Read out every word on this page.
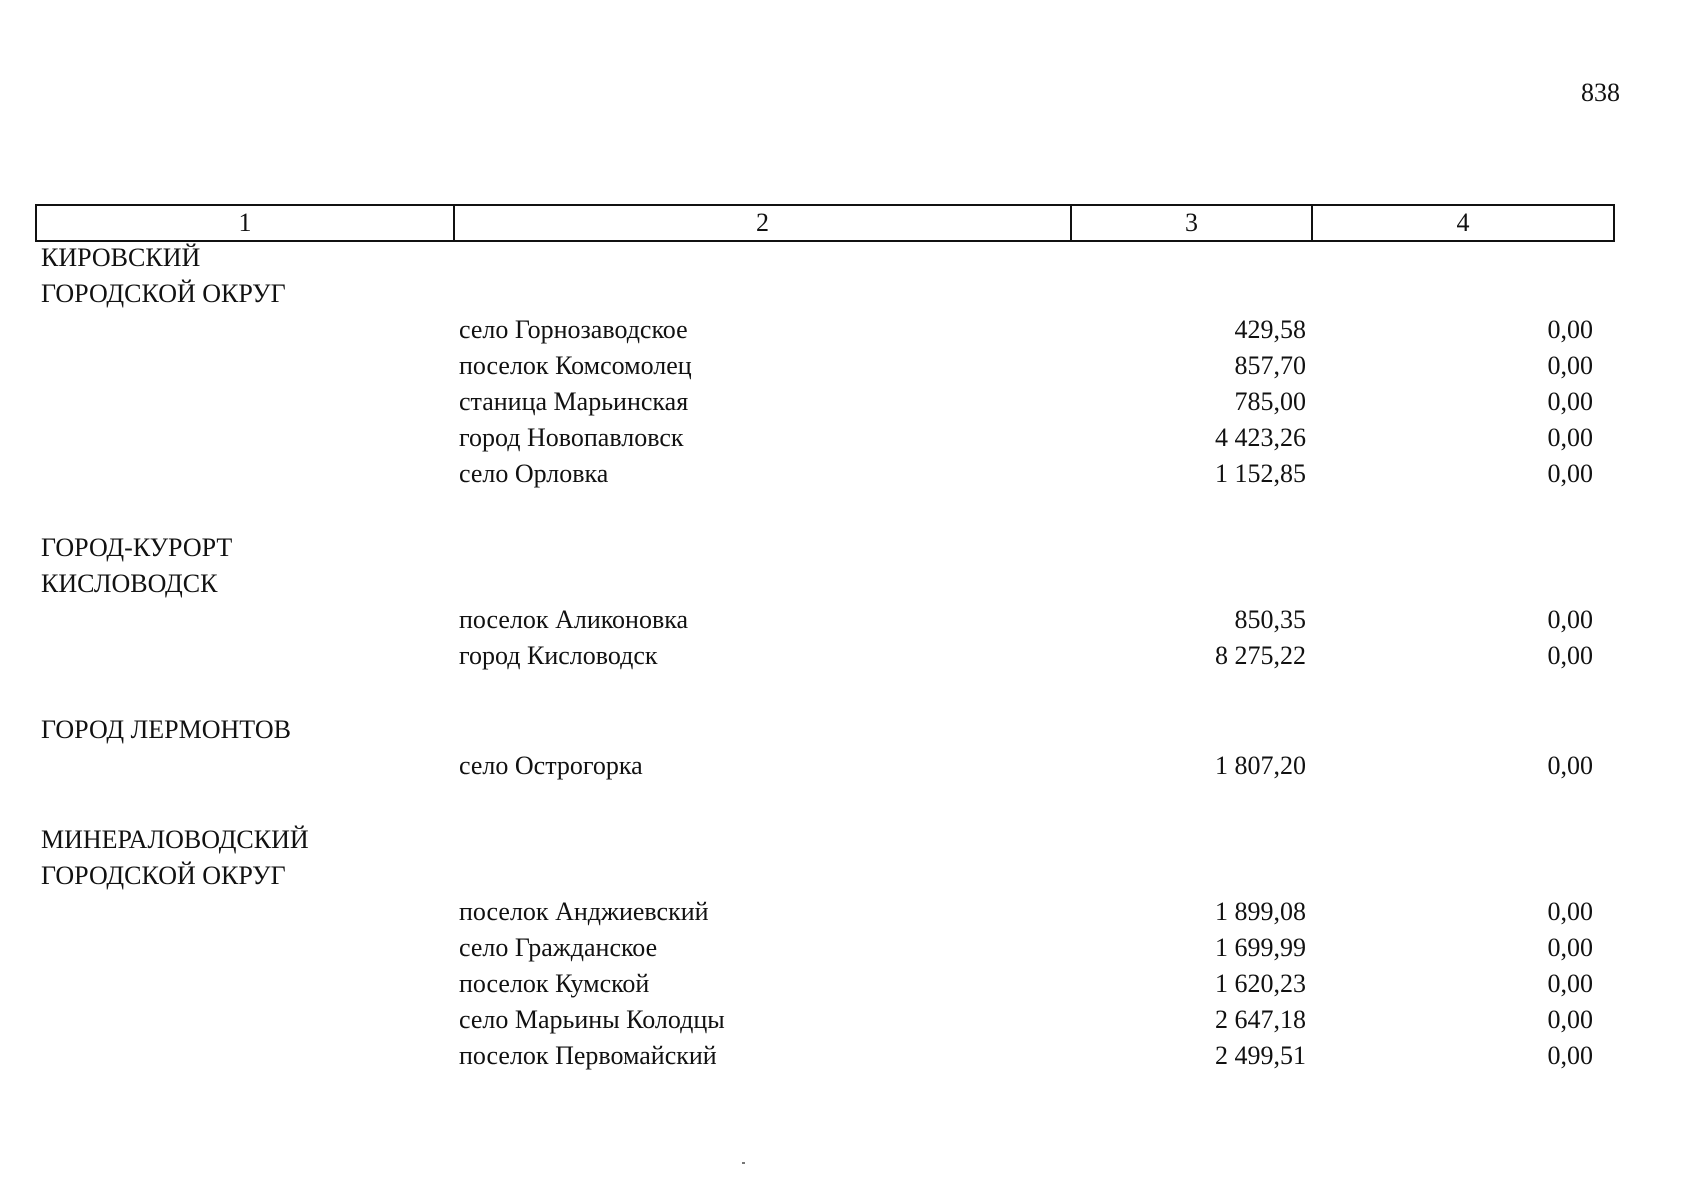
838
1	2	3	4
КИРОВСКИЙ
ГОРОДСКОЙ ОКРУГ
село Горнозаводское	429,58	0,00
поселок Комсомолец	857,70	0,00
станица Марьинская	785,00	0,00
город Новопавловск	4 423,26	0,00
село Орловка	1 152,85	0,00
ГОРОД-КУРОРТ
КИСЛОВОДСК
поселок Аликоновка	850,35	0,00
город Кисловодск	8 275,22	0,00
ГОРОД ЛЕРМОНТОВ
село Острогорка	1 807,20	0,00
МИНЕРАЛОВОДСКИЙ
ГОРОДСКОЙ ОКРУГ
поселок Анджиевский	1 899,08	0,00
село Гражданское	1 699,99	0,00
поселок Кумской	1 620,23	0,00
село Марьины Колодцы	2 647,18	0,00
поселок Первомайский	2 499,51	0,00
